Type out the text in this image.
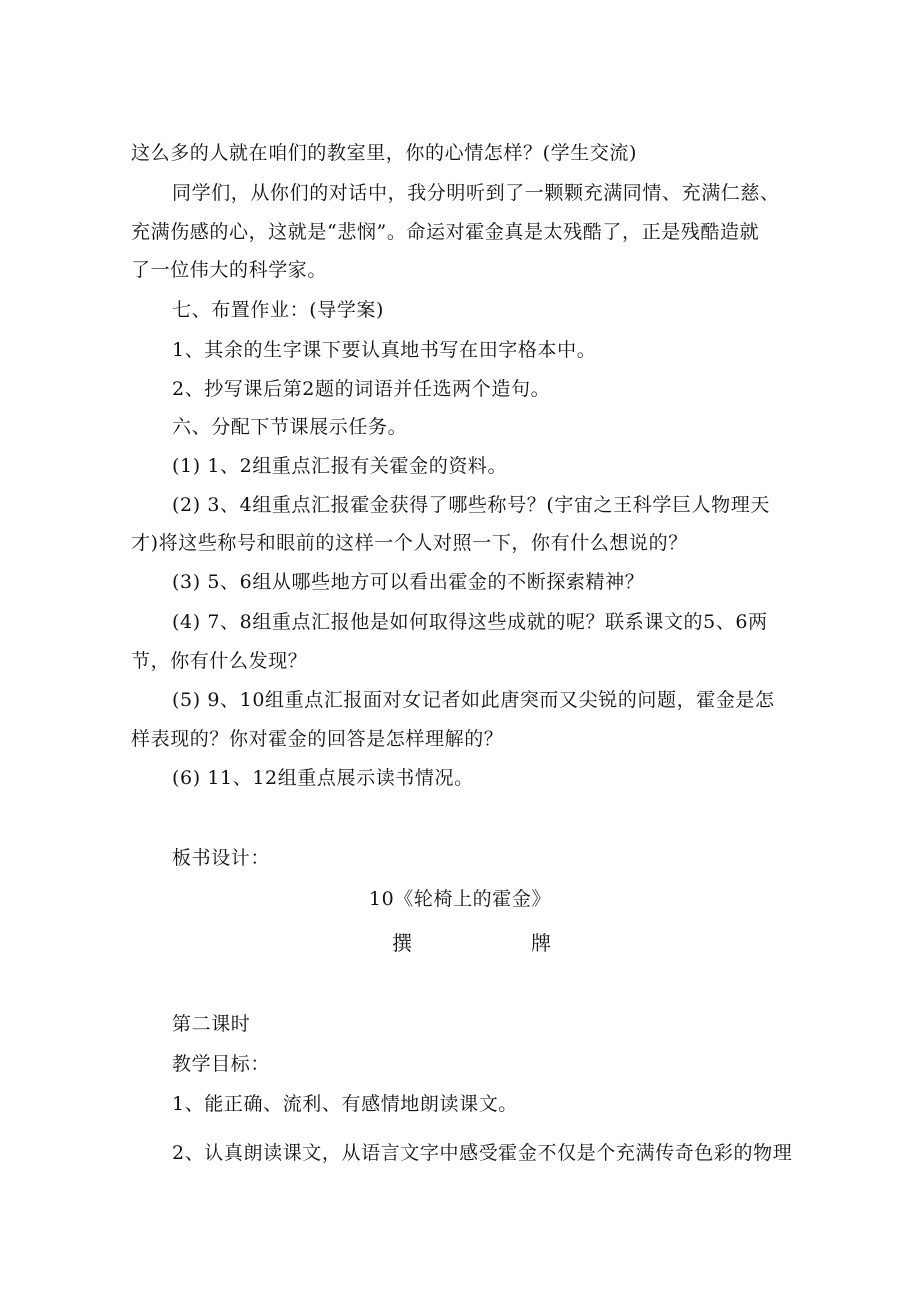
这么多的人就在咱们的教室里，你的心情怎样？(学生交流)
同学们，从你们的对话中，我分明听到了一颗颗充满同情、充满仁慈、
充满伤感的心，这就是“悲悯”。命运对霍金真是太残酷了，正是残酷造就
了一位伟大的科学家。
七、布置作业：(导学案)
1、其余的生字课下要认真地书写在田字格本中。
2、抄写课后第2题的词语并任选两个造句。
六、分配下节课展示任务。
(1) 1、2组重点汇报有关霍金的资料。
(2) 3、4组重点汇报霍金获得了哪些称号？(宇宙之王科学巨人物理天
才)将这些称号和眼前的这样一个人对照一下，你有什么想说的？
(3) 5、6组从哪些地方可以看出霍金的不断探索精神？
(4) 7、8组重点汇报他是如何取得这些成就的呢？联系课文的5、6两
节，你有什么发现？
(5) 9、10组重点汇报面对女记者如此唐突而又尖锐的问题，霍金是怎
样表现的？你对霍金的回答是怎样理解的？
(6) 11、12组重点展示读书情况。
板书设计：
10《轮椅上的霍金》
撰	牌
第二课时
教学目标：
1、能正确、流利、有感情地朗读课文。
2、认真朗读课文，从语言文字中感受霍金不仅是个充满传奇色彩的物理
